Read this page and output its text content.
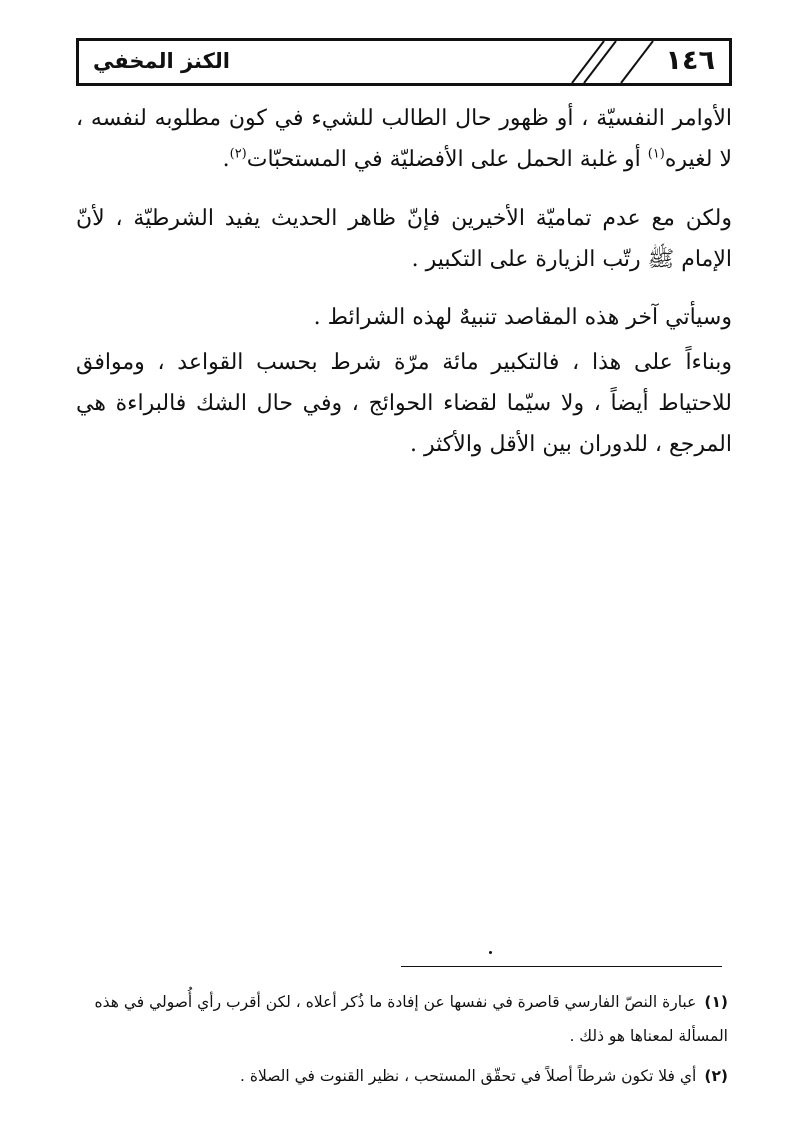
الكنز المخفي	١٤٦
الأوامر النفسيّة ، أو ظهور حال الطالب للشيء في كون مطلوبه لنفسه ، لا لغيره$^{(١)}$ أو غلبة الحمل على الأفضليّة في المستحبّات$^{(٢)}$.
ولكن مع عدم تماميّة الأخيرين فإنّ ظاهر الحديث يفيد الشرطيّة ، لأنّ الإمام ﷺ رتّب الزيارة على التكبير .
وسيأتي آخر هذه المقاصد تنبيهٌ لهذه الشرائط .
وبناءاً على هذا ، فالتكبير مائة مرّة شرط بحسب القواعد ، وموافق للاحتياط أيضاً ، ولا سيّما لقضاء الحوائج ، وفي حال الشك فالبراءة هي المرجع ، للدوران بين الأقل والأكثر .
(١)عبارة النصّ الفارسي قاصرة في نفسها عن إفادة ما ذُكر أعلاه ، لكن أقرب رأي أُصولي في هذه المسألة لمعناها هو ذلك .
(٢)أي فلا تكون شرطاً أصلاً في تحقّق المستحب ، نظير القنوت في الصلاة .
